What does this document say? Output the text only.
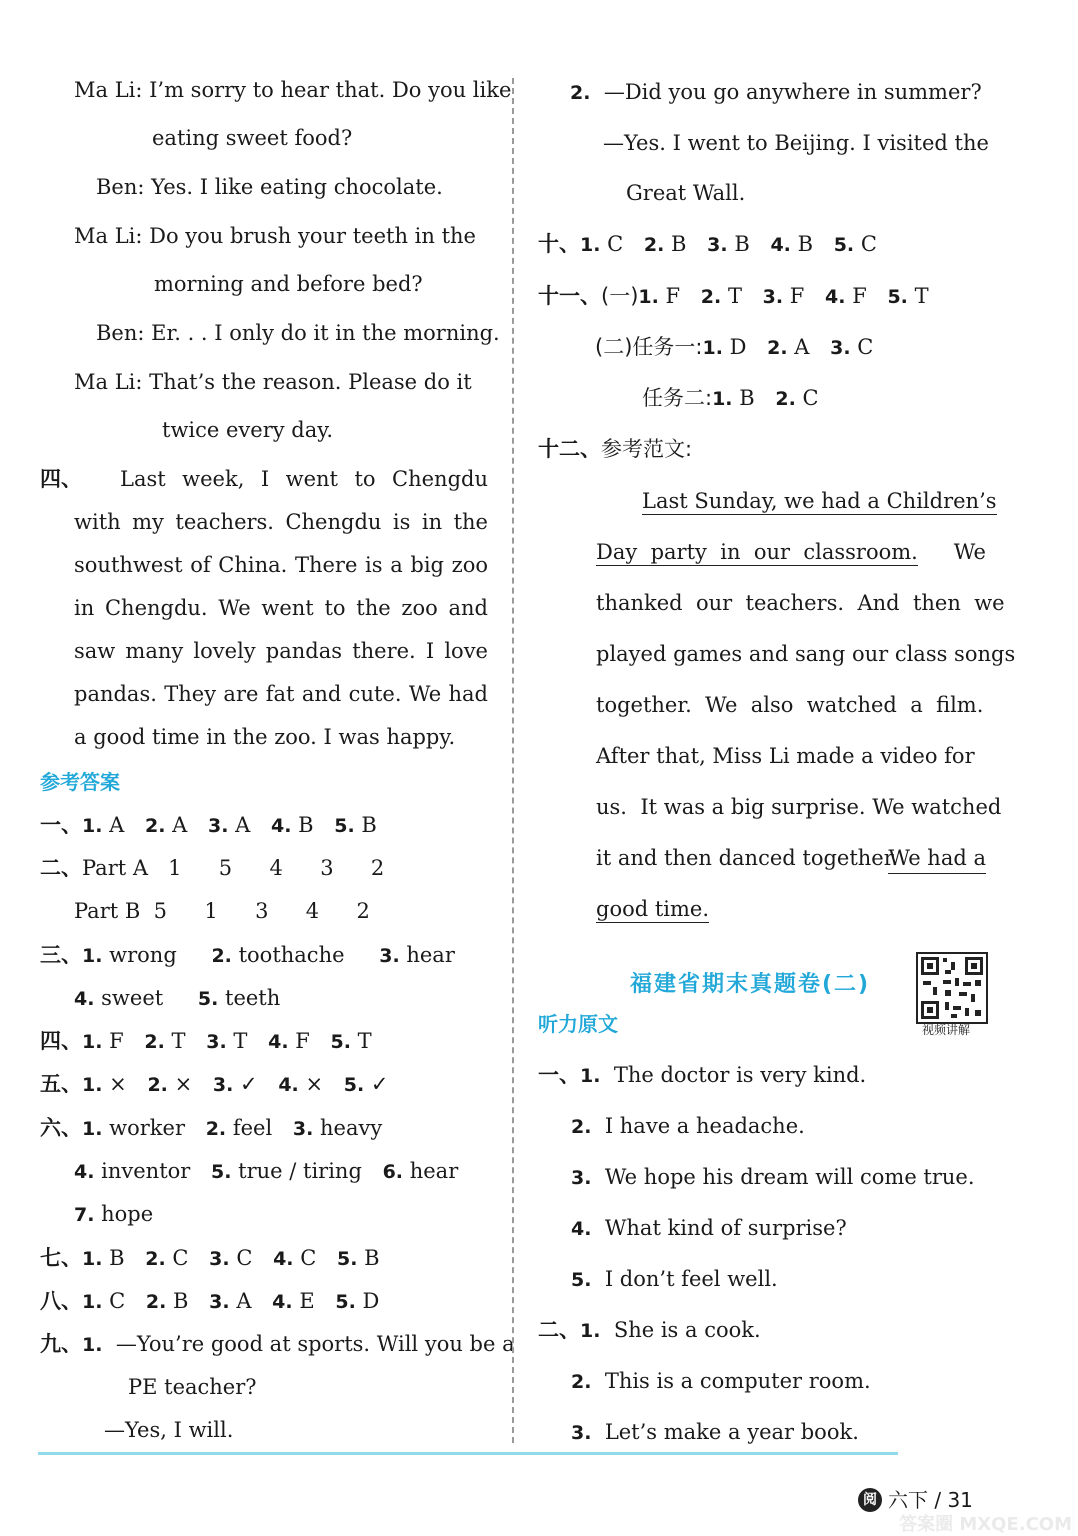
Ma Li: I’m sorry to hear that. Do you like
eating sweet food?
Ben: Yes. I like eating chocolate.
Ma Li: Do you brush your teeth in the
morning and before bed?
Ben: Er. . . I only do it in the morning.
Ma Li: That’s the reason. Please do it
twice every day.
四、	Last week, I went to Chengdu with my teachers. Chengdu is in the southwest of China. There is a big zoo in Chengdu. We went to the zoo and saw many lovely pandas there. I love pandas. They are fat and cute. We had a good time in the zoo. I was happy.
参考答案
一、1. A 2. A 3. A 4. B 5. B
二、Part A 1  5  4  3  2
Part B 5  1  3  4  2
三、1. wrong 2. toothache 3. hear
4. sweet 5. teeth
四、1. F 2. T 3. T 4. F 5. T
五、1. × 2. × 3. ✓ 4. × 5. ✓
六、1. worker 2. feel 3. heavy
4. inventor 5. true / tiring 6. hear
7. hope
七、1. B 2. C 3. C 4. C 5. B
八、1. C 2. B 3. A 4. E 5. D
九、1. —You’re good at sports. Will you be a
PE teacher?
—Yes, I will.
2. —Did you go anywhere in summer?
—Yes. I went to Beijing. I visited the
Great Wall.
十、1. C 2. B 3. B 4. B 5. C
十一、(一)1. F 2. T 3. F 4. F 5. T
(二)任务一:1. D 2. A 3. C
任务二:1. B 2. C
十二、参考范文:
Last Sunday, we had a Children’s
Day  party  in  our  classroom. We
thanked  our  teachers.  And  then  we
played games and sang our class songs
together.  We  also  watched  a  film.
After that, Miss Li made a video for
us.  It was a big surprise. We watched
it and then danced together.
We had a
good time.
福建省期末真题卷(二)
视频讲解
听力原文
一、1. The doctor is very kind.
2. I have a headache.
3. We hope his dream will come true.
4. What kind of surprise?
5. I don’t feel well.
二、1. She is a cook.
2. This is a computer room.
3. Let’s make a year book.
阅 六下 / 31
答案圈 MXQE.COM
